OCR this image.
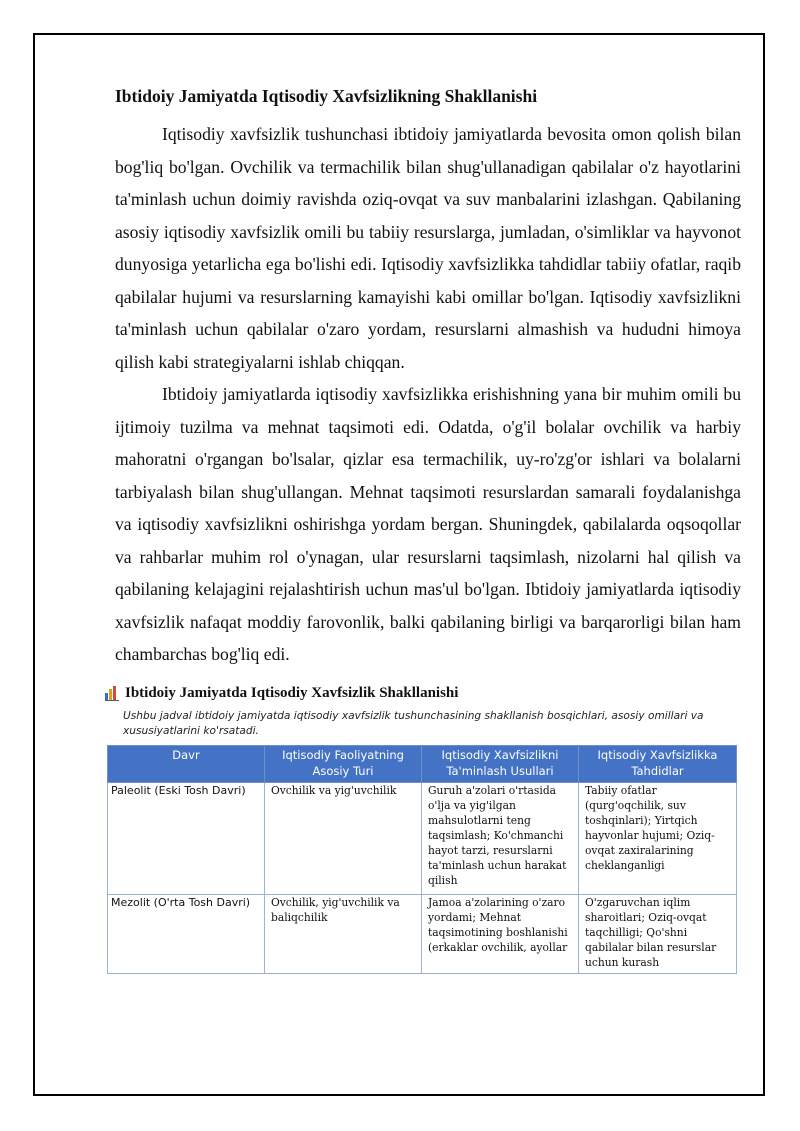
Ibtidoiy Jamiyatda Iqtisodiy Xavfsizlikning Shakllanishi

Iqtisodiy xavfsizlik tushunchasi ibtidoiy jamiyatlarda bevosita omon qolish bilan bog'liq bo'lgan. Ovchilik va termachilik bilan shug'ullanadigan qabilalar o'z hayotlarini ta'minlash uchun doimiy ravishda oziq-ovqat va suv manbalarini izlashgan. Qabilaning asosiy iqtisodiy xavfsizlik omili bu tabiiy resurslarga, jumladan, o'simliklar va hayvonot dunyosiga yetarlicha ega bo'lishi edi. Iqtisodiy xavfsizlikka tahdidlar tabiiy ofatlar, raqib qabilalar hujumi va resurslarning kamayishi kabi omillar bo'lgan. Iqtisodiy xavfsizlikni ta'minlash uchun qabilalar o'zaro yordam, resurslarni almashish va hududni himoya qilish kabi strategiyalarni ishlab chiqqan.

Ibtidoiy jamiyatlarda iqtisodiy xavfsizlikka erishishning yana bir muhim omili bu ijtimoiy tuzilma va mehnat taqsimoti edi. Odatda, o'g'il bolalar ovchilik va harbiy mahoratni o'rgangan bo'lsalar, qizlar esa termachilik, uy-ro'zg'or ishlari va bolalarni tarbiyalash bilan shug'ullangan. Mehnat taqsimoti resurslardan samarali foydalanishga va iqtisodiy xavfsizlikni oshirishga yordam bergan. Shuningdek, qabilalarda oqsoqollar va rahbarlar muhim rol o'ynagan, ular resurslarni taqsimlash, nizolarni hal qilish va qabilaning kelajagini rejalashtirish uchun mas'ul bo'lgan. Ibtidoiy jamiyatlarda iqtisodiy xavfsizlik nafaqat moddiy farovonlik, balki qabilaning birligi va barqarorligi bilan ham chambarchas bog'liq edi.

Ibtidoiy Jamiyatda Iqtisodiy Xavfsizlik Shakllanishi
Ushbu jadval ibtidoiy jamiyatda iqtisodiy xavfsizlik tushunchasining shakllanish bosqichlari, asosiy omillari va xususiyatlarini ko'rsatadi.
Davr	Iqtisodiy Faoliyatning Asosiy Turi	Iqtisodiy Xavfsizlikni Ta'minlash Usullari	Iqtisodiy Xavfsizlikka Tahdidlar
Paleolit (Eski Tosh Davri)	Ovchilik va yig'uvchilik	Guruh a'zolari o'rtasida o'lja va yig'ilgan mahsulotlarni teng taqsimlash; Ko'chmanchi hayot tarzi, resurslarni ta'minlash uchun harakat qilish	Tabiiy ofatlar (qurg'oqchilik, suv toshqinlari); Yirtqich hayvonlar hujumi; Oziq-ovqat zaxiralarining cheklanganligi
Mezolit (O'rta Tosh Davri)	Ovchilik, yig'uvchilik va baliqchilik	Jamoa a'zolarining o'zaro yordami; Mehnat taqsimotining boshlanishi (erkaklar ovchilik, ayollar	O'zgaruvchan iqlim sharoitlari; Oziq-ovqat taqchilligi; Qo'shni qabilalar bilan resurslar uchun kurash
